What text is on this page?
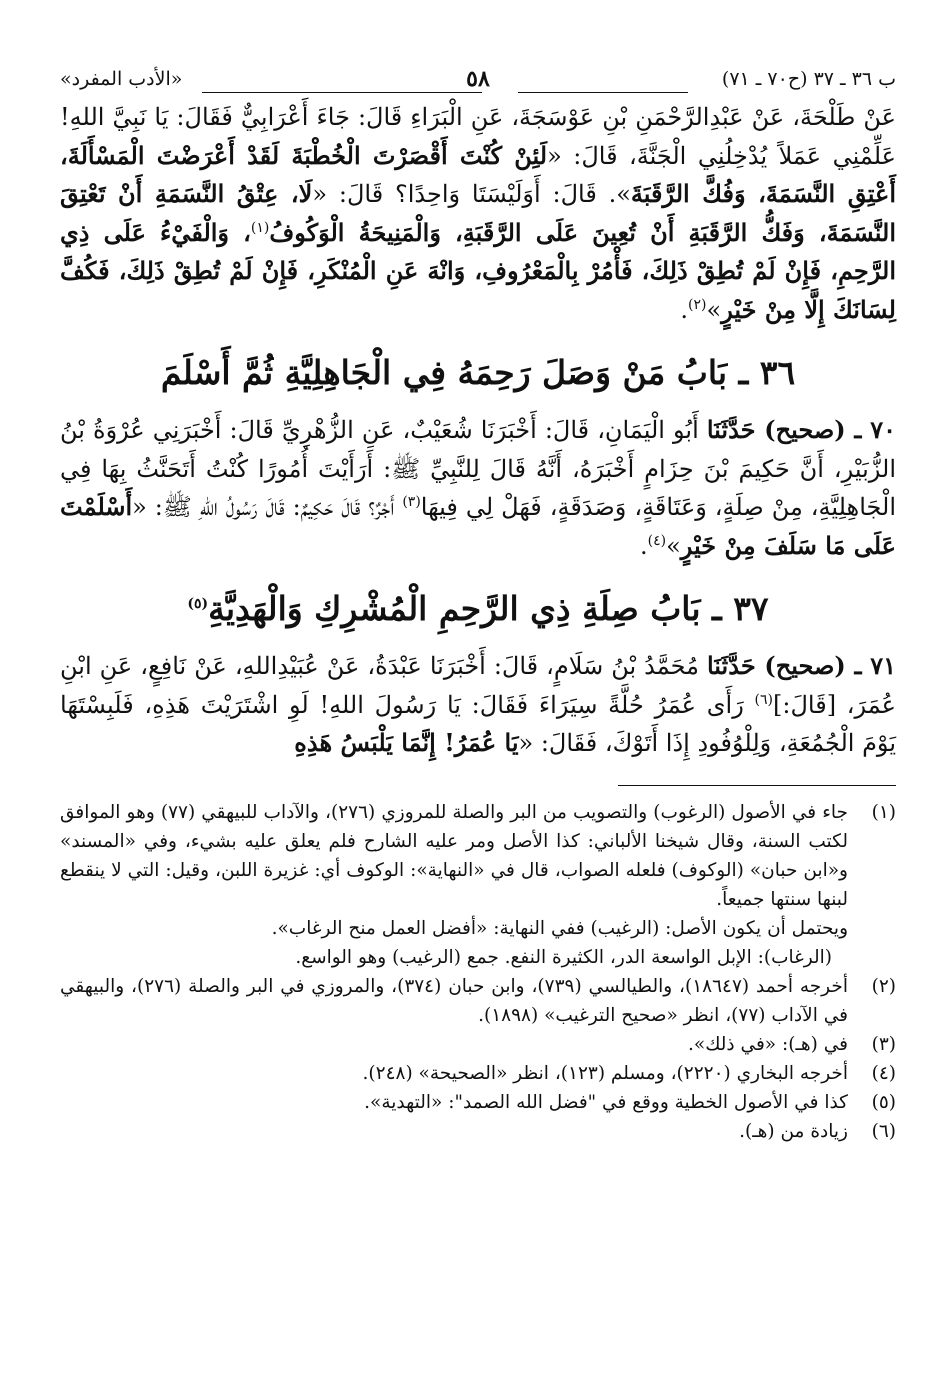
ب ٣٦ ـ ٣٧ (ح٧٠ ـ ٧١)
٥٨
«الأدب المفرد»

عَنْ طَلْحَةَ، عَنْ عَبْدِالرَّحْمَنِ بْنِ عَوْسَجَةَ، عَنِ الْبَرَاءِ قَالَ: جَاءَ أَعْرَابِيٌّ فَقَالَ: يَا نَبِيَّ اللهِ! عَلِّمْنِي عَمَلاً يُدْخِلُنِي الْجَنَّةَ، قَالَ: «لَئِنْ كُنْتَ أَقْصَرْتَ الْخُطْبَةَ لَقَدْ أَعْرَضْتَ الْمَسْأَلَةَ، أَعْتِقِ النَّسَمَةَ، وَفُكَّ الرَّقَبَةَ». قَالَ: أَوَلَيْسَتَا وَاحِدًا؟ قَالَ: «لَا، عِتْقُ النَّسَمَةِ أَنْ تَعْتِقَ النَّسَمَةَ، وَفَكُّ الرَّقَبَةِ أَنْ تُعِينَ عَلَى الرَّقَبَةِ، وَالْمَنِيحَةُ الْوَكُوفُ$^{(١)}$، وَالْفَيْءُ عَلَى ذِي الرَّحِمِ، فَإِنْ لَمْ تُطِقْ ذَلِكَ، فَأْمُرْ بِالْمَعْرُوفِ، وَانْهَ عَنِ الْمُنْكَرِ، فَإِنْ لَمْ تُطِقْ ذَلِكَ، فَكُفَّ لِسَانَكَ إِلَّا مِنْ خَيْرٍ»$^{(٢)}$.

٣٦ ـ بَابُ مَنْ وَصَلَ رَحِمَهُ فِي الْجَاهِلِيَّةِ ثُمَّ أَسْلَمَ

٧٠ ـ (صحيح) حَدَّثَنَا أَبُو الْيَمَانِ، قَالَ: أَخْبَرَنَا شُعَيْبٌ، عَنِ الزُّهْرِيِّ قَالَ: أَخْبَرَنِي عُرْوَةُ بْنُ الزُّبَيْرِ، أَنَّ حَكِيمَ بْنَ حِزَامٍ أَخْبَرَهُ، أَنَّهُ قَالَ لِلنَّبِيِّ ﷺ: أَرَأَيْتَ أُمُورًا كُنْتُ أَتَحَنَّثُ بِهَا فِي الْجَاهِلِيَّةِ، مِنْ صِلَةٍ، وَعَتَاقَةٍ، وَصَدَقَةٍ، فَهَلْ لِي فِيهَا$^{(٣)}$ أَجْرٌ؟ قَالَ حَكِيمٌ: قَالَ رَسُولُ اللهِ ﷺ: «أَسْلَمْتَ عَلَى مَا سَلَفَ مِنْ خَيْرٍ»$^{(٤)}$.

٣٧ ـ بَابُ صِلَةِ ذِي الرَّحِمِ الْمُشْرِكِ وَالْهَدِيَّةِ$^{(٥)}$

٧١ ـ (صحيح) حَدَّثَنَا مُحَمَّدُ بْنُ سَلَامٍ، قَالَ: أَخْبَرَنَا عَبْدَةُ، عَنْ عُبَيْدِاللهِ، عَنْ نَافِعٍ، عَنِ ابْنِ عُمَرَ، [قَالَ:]$^{(٦)}$ رَأَى عُمَرُ حُلَّةً سِيَرَاءَ فَقَالَ: يَا رَسُولَ اللهِ! لَوِ اشْتَرَيْتَ هَذِهِ، فَلَبِسْتَهَا يَوْمَ الْجُمُعَةِ، وَلِلْوُفُودِ إِذَا أَتَوْكَ، فَقَالَ: «يَا عُمَرُ! إِنَّمَا يَلْبَسُ هَذِهِ

(١)
جاء في الأصول (الرغوب) والتصويب من البر والصلة للمروزي (٢٧٦)، والآداب للبيهقي (٧٧) وهو الموافق لكتب السنة، وقال شيخنا الألباني: كذا الأصل ومر عليه الشارح فلم يعلق عليه بشيء، وفي «المسند» و«ابن حبان» (الوكوف) فلعله الصواب، قال في «النهاية»: الوكوف أي: غزيرة اللبن، وقيل: التي لا ينقطع لبنها سنتها جميعاً.
ويحتمل أن يكون الأصل: (الرغيب) ففي النهاية: «أفضل العمل منح الرغاب».
(الرغاب): الإبل الواسعة الدر، الكثيرة النفع. جمع (الرغيب) وهو الواسع.
(٢)
أخرجه أحمد (١٨٦٤٧)، والطيالسي (٧٣٩)، وابن حبان (٣٧٤)، والمروزي في البر والصلة (٢٧٦)، والبيهقي في الآداب (٧٧)، انظر «صحيح الترغيب» (١٨٩٨).
(٣)
في (هـ): «في ذلك».
(٤)
أخرجه البخاري (٢٢٢٠)، ومسلم (١٢٣)، انظر «الصحيحة» (٢٤٨).
(٥)
كذا في الأصول الخطية ووقع في "فضل الله الصمد": «التهدية».
(٦)
زيادة من (هـ).
